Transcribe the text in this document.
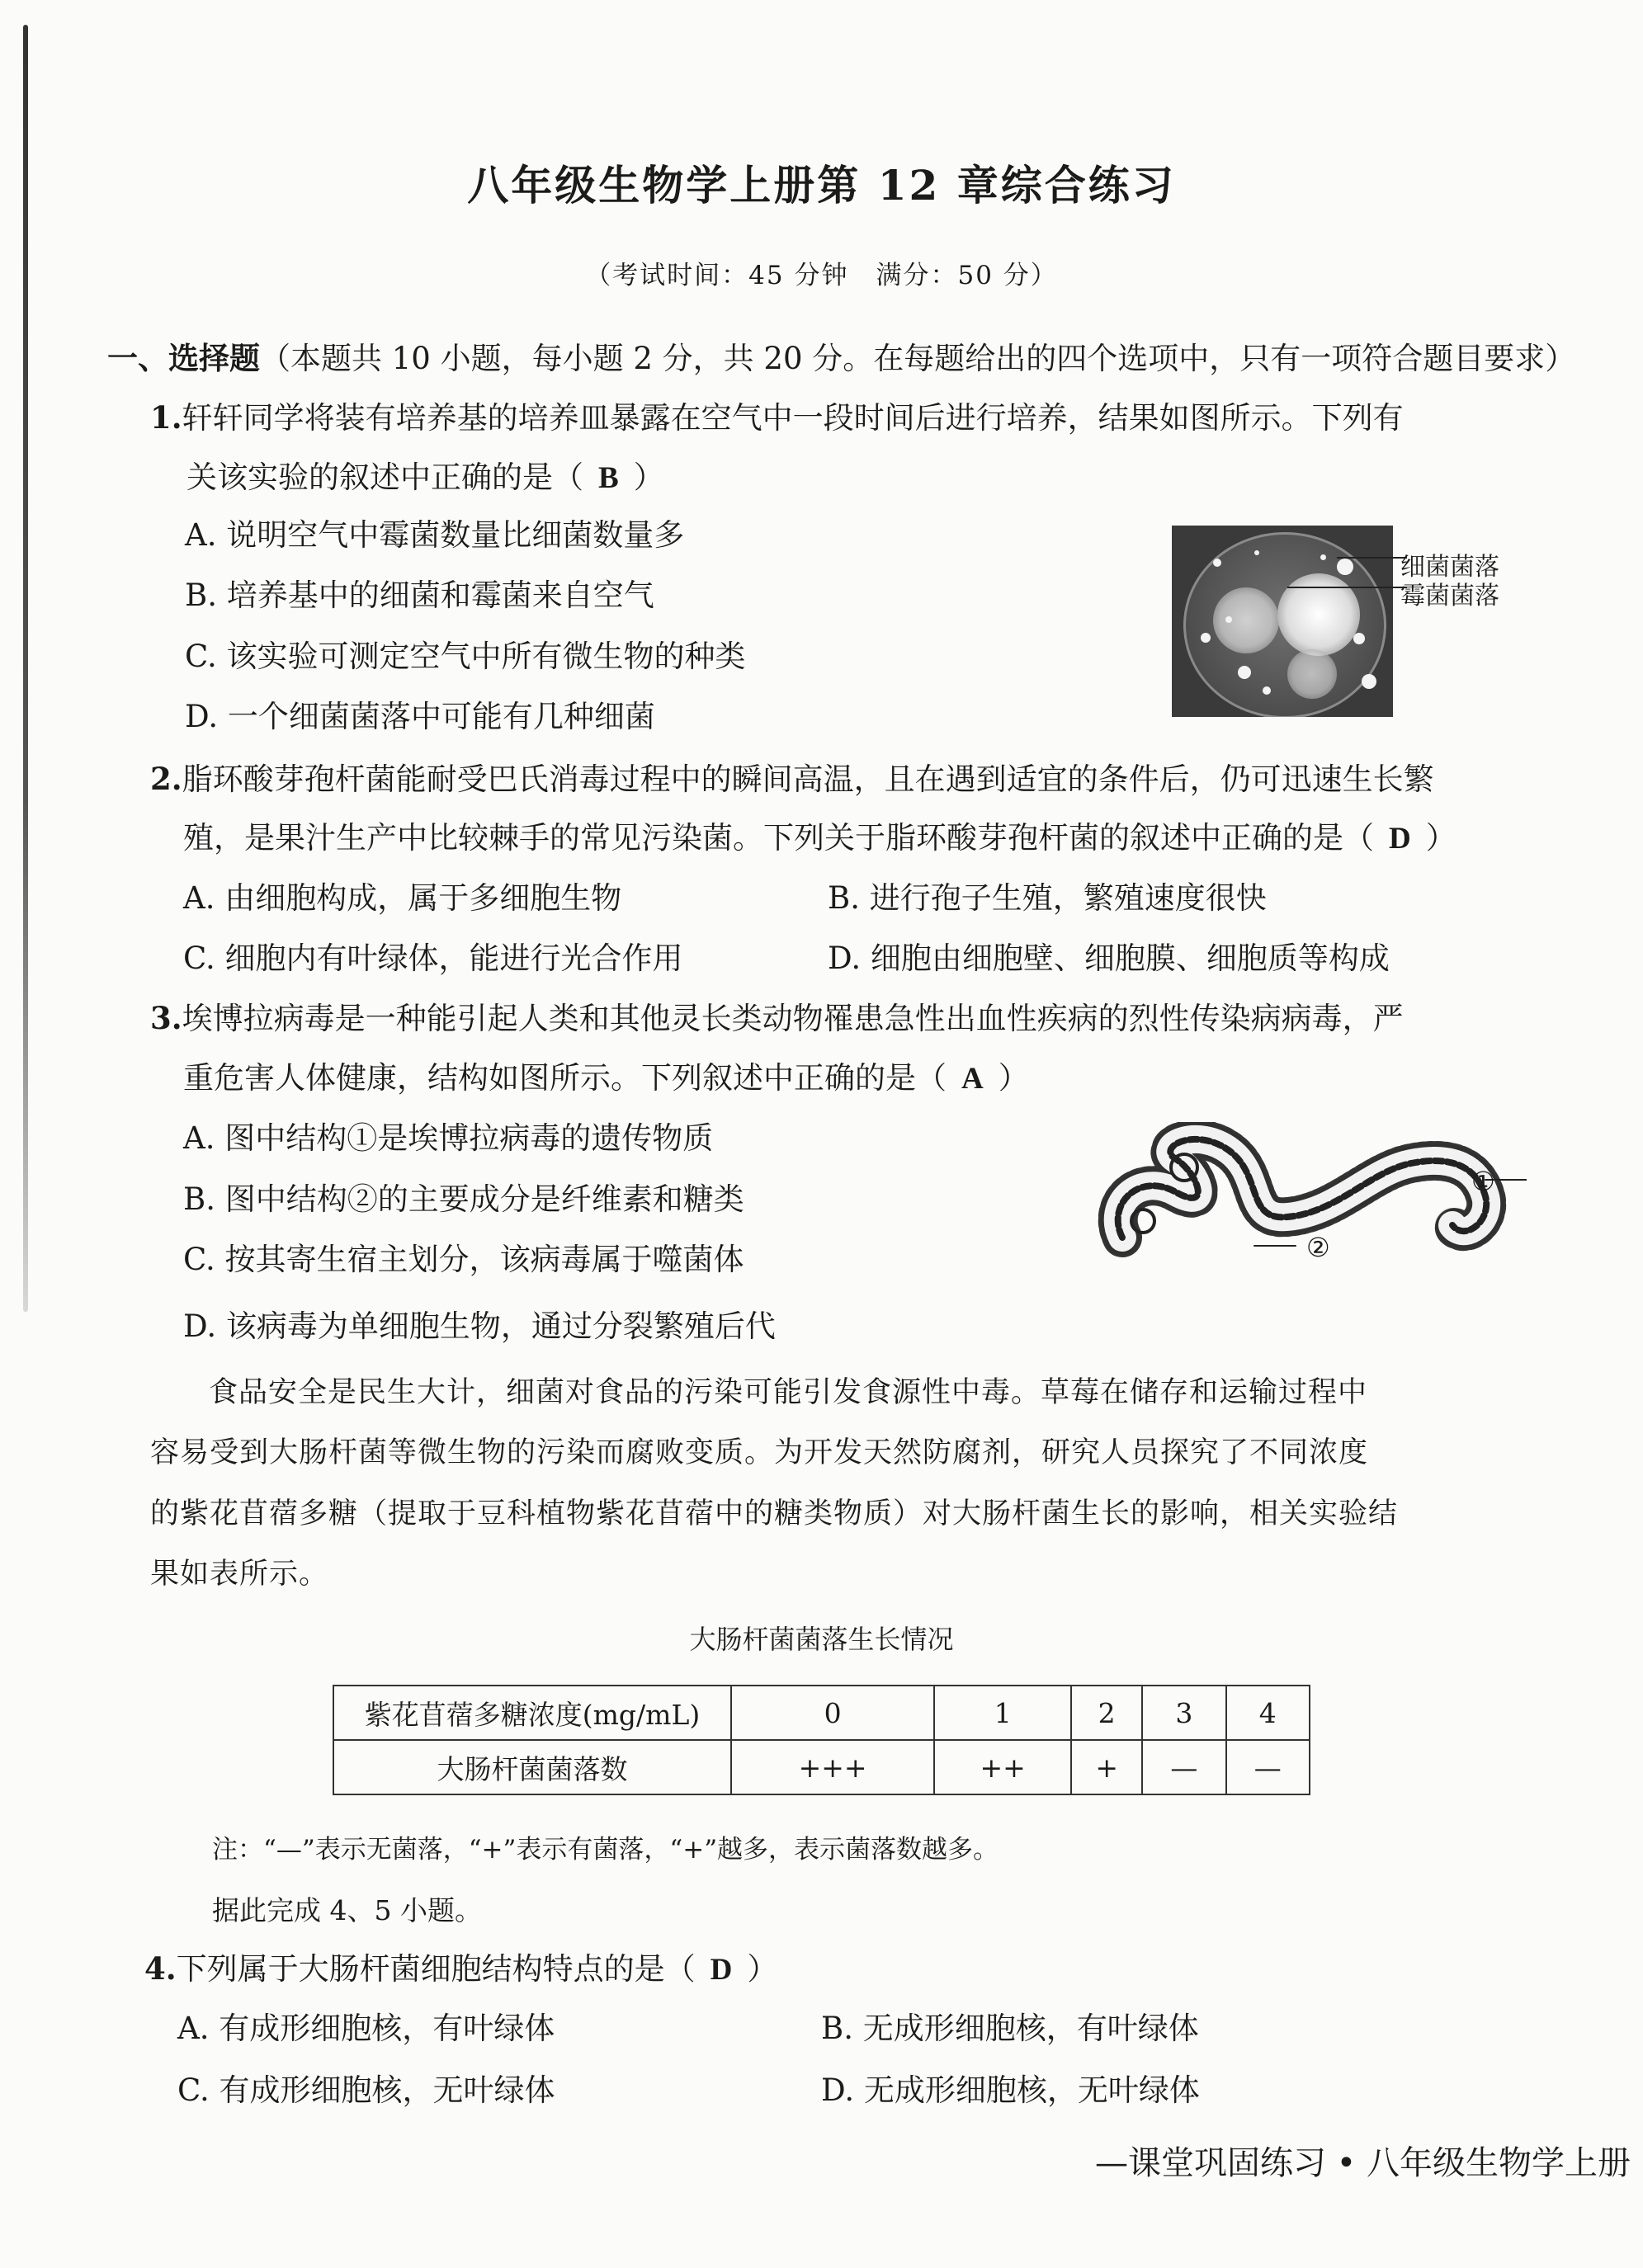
八年级生物学上册第 12 章综合练习
（考试时间：45 分钟　满分：50 分）
一、选择题（本题共 10 小题，每小题 2 分，共 20 分。在每题给出的四个选项中，只有一项符合题目要求）
1.轩轩同学将装有培养基的培养皿暴露在空气中一段时间后进行培养，结果如图所示。下列有
关该实验的叙述中正确的是（ B ）
A. 说明空气中霉菌数量比细菌数量多
B. 培养基中的细菌和霉菌来自空气
C. 该实验可测定空气中所有微生物的种类
D. 一个细菌菌落中可能有几种细菌
细菌菌落
霉菌菌落
2.脂环酸芽孢杆菌能耐受巴氏消毒过程中的瞬间高温，且在遇到适宜的条件后，仍可迅速生长繁
殖，是果汁生产中比较棘手的常见污染菌。下列关于脂环酸芽孢杆菌的叙述中正确的是（ D ）
A. 由细胞构成，属于多细胞生物	B. 进行孢子生殖，繁殖速度很快
C. 细胞内有叶绿体，能进行光合作用	D. 细胞由细胞壁、细胞膜、细胞质等构成
3.埃博拉病毒是一种能引起人类和其他灵长类动物罹患急性出血性疾病的烈性传染病病毒，严
重危害人体健康，结构如图所示。下列叙述中正确的是（ A ）
A. 图中结构①是埃博拉病毒的遗传物质
B. 图中结构②的主要成分是纤维素和糖类
C. 按其寄生宿主划分，该病毒属于噬菌体
D. 该病毒为单细胞生物，通过分裂繁殖后代
①
②
食品安全是民生大计，细菌对食品的污染可能引发食源性中毒。草莓在储存和运输过程中
容易受到大肠杆菌等微生物的污染而腐败变质。为开发天然防腐剂，研究人员探究了不同浓度
的紫花苜蓿多糖（提取于豆科植物紫花苜蓿中的糖类物质）对大肠杆菌生长的影响，相关实验结
果如表所示。
大肠杆菌菌落生长情况
紫花苜蓿多糖浓度(mg/mL)	0	1	2	3	4
大肠杆菌菌落数	+++	++	+	—	—
注：“—”表示无菌落，“+”表示有菌落，“+”越多，表示菌落数越多。
据此完成 4、5 小题。
4.下列属于大肠杆菌细胞结构特点的是（ D ）
A. 有成形细胞核，有叶绿体	B. 无成形细胞核，有叶绿体
C. 有成形细胞核，无叶绿体	D. 无成形细胞核，无叶绿体
—课堂巩固练习 • 八年级生物学上册
